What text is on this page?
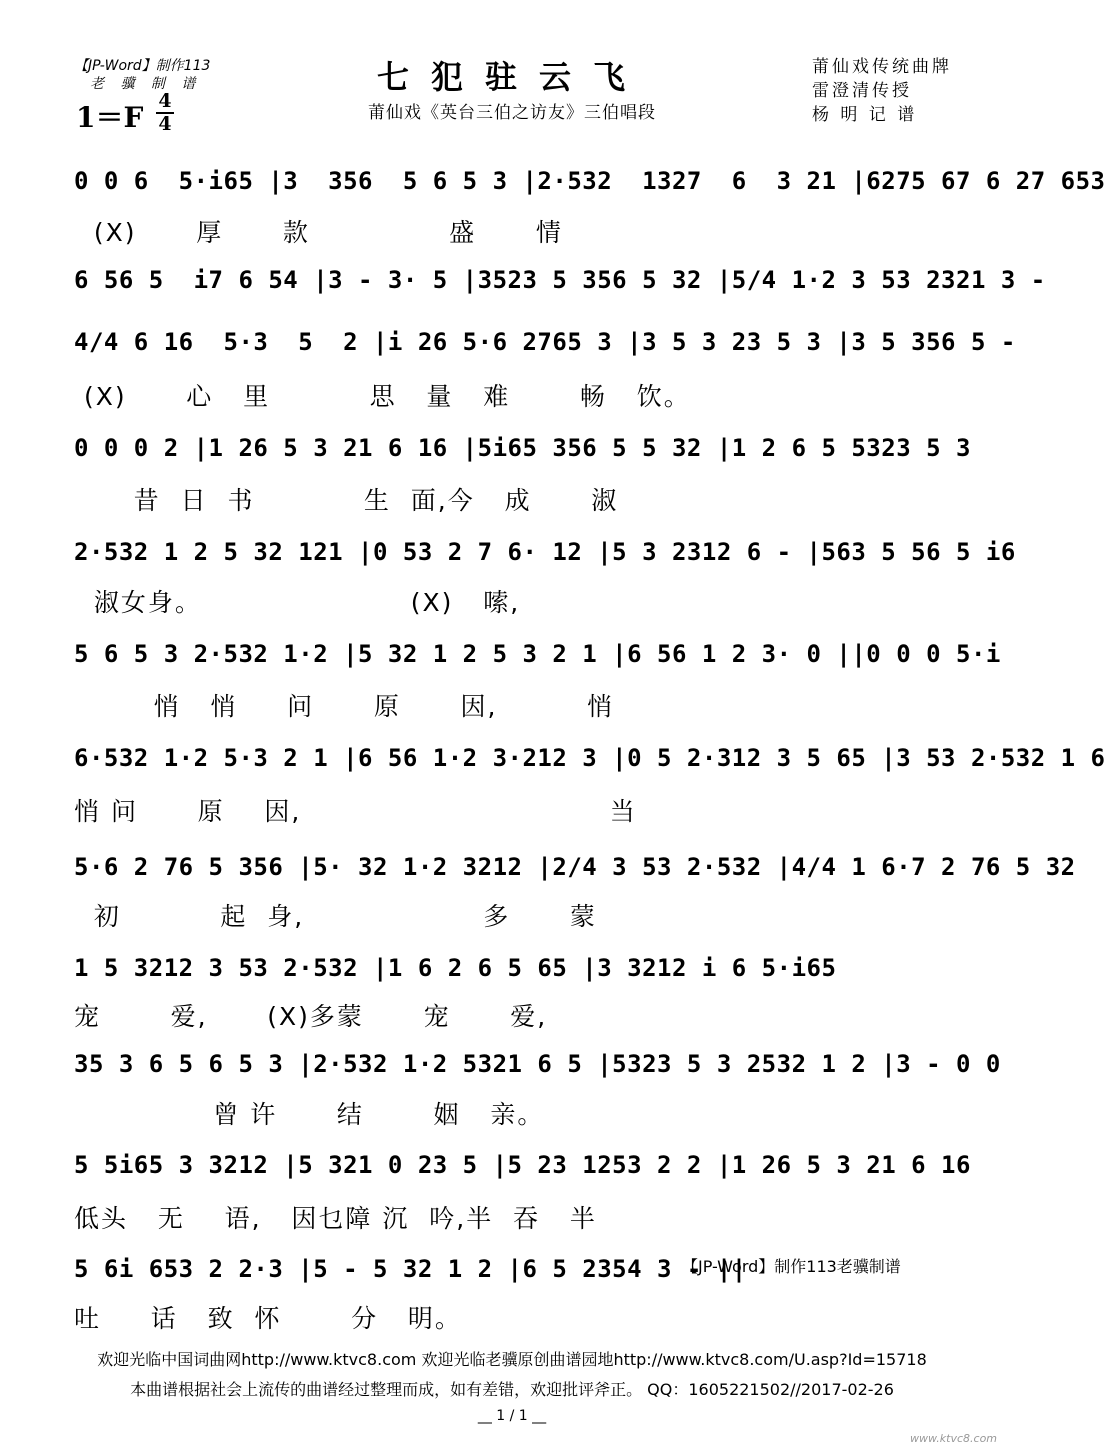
【JP-Word】制作113
老 骥 制 谱
1＝F 4
4
七犯驻云飞
莆仙戏《英台三伯之访友》三伯唱段
莆仙戏传统曲牌
雷澄清传授
杨 明 记 谱
0 0 6  5·i65 |3  356  5 6 5 3 |2·532  1327  6  3 21 |6275 67 6 27 653
(X)      厚      款              盛      情
6 56 5  i7 6 54 |3 - 3· 5 |3523 5 356 5 32 |5/4 1·2 3 53 2321 3 -
4/4 6 16  5·3  5  2 |i 26 5·6 2765 3 |3 5 3 23 5 3 |3 5 356 5 -
(X)      心   里          思   量   难       畅   饮。
0 0 0 2 |1 26 5 3 21 6 16 |5i65 356 5 5 32 |1 2 6 5 5323 5 3
昔  日  书           生  面,今   成      淑
2·532 1 2 5 32 121 |0 53 2 7 6· 12 |5 3 2312 6 - |563 5 56 5 i6
淑女身。                     (X)   嗦,
5 6 5 3 2·532 1·2 |5 32 1 2 5 3 2 1 |6 56 1 2 3· 0 ||0 0 0 5·i
悄   悄     问      原      因,         悄
6·532 1·2 5·3 2 1 |6 56 1·2 3·212 3 |0 5 2·312 3 5 65 |3 53 2·532 1 6
悄 问      原    因,                               当
5·6 2 76 5 356 |5· 32 1·2 3212 |2/4 3 53 2·532 |4/4 1 6·7 2 76 5 32
初          起  身,                  多      蒙
1 5 3212 3 53 2·532 |1 6 2 6 5 65 |3 3212 i 6 5·i65
宠       爱,      (X)多蒙      宠      爱,
35 3 6 5 6 5 3 |2·532 1·2 5321 6 5 |5323 5 3 2532 1 2 |3 - 0 0
曾 许      结       姻   亲。
5 5i65 3 3212 |5 321 0 23 5 |5 23 1253 2 2 |1 26 5 3 21 6 16
低头   无    语,   因乜障 沉  吟,半  吞   半
5 6i 653 2 2·3 |5 - 5 32 1 2 |6 5 2354 3 - ||
【JP-Word】制作113老骥制谱
吐     话   致  怀       分   明。
欢迎光临中国词曲网http://www.ktvc8.com 欢迎光临老骥原创曲谱园地http://www.ktvc8.com/U.asp?Id=15718
本曲谱根据社会上流传的曲谱经过整理而成，如有差错，欢迎批评斧正。 QQ：1605221502//2017-02-26
__ 1 / 1 __
www.ktvc8.com
